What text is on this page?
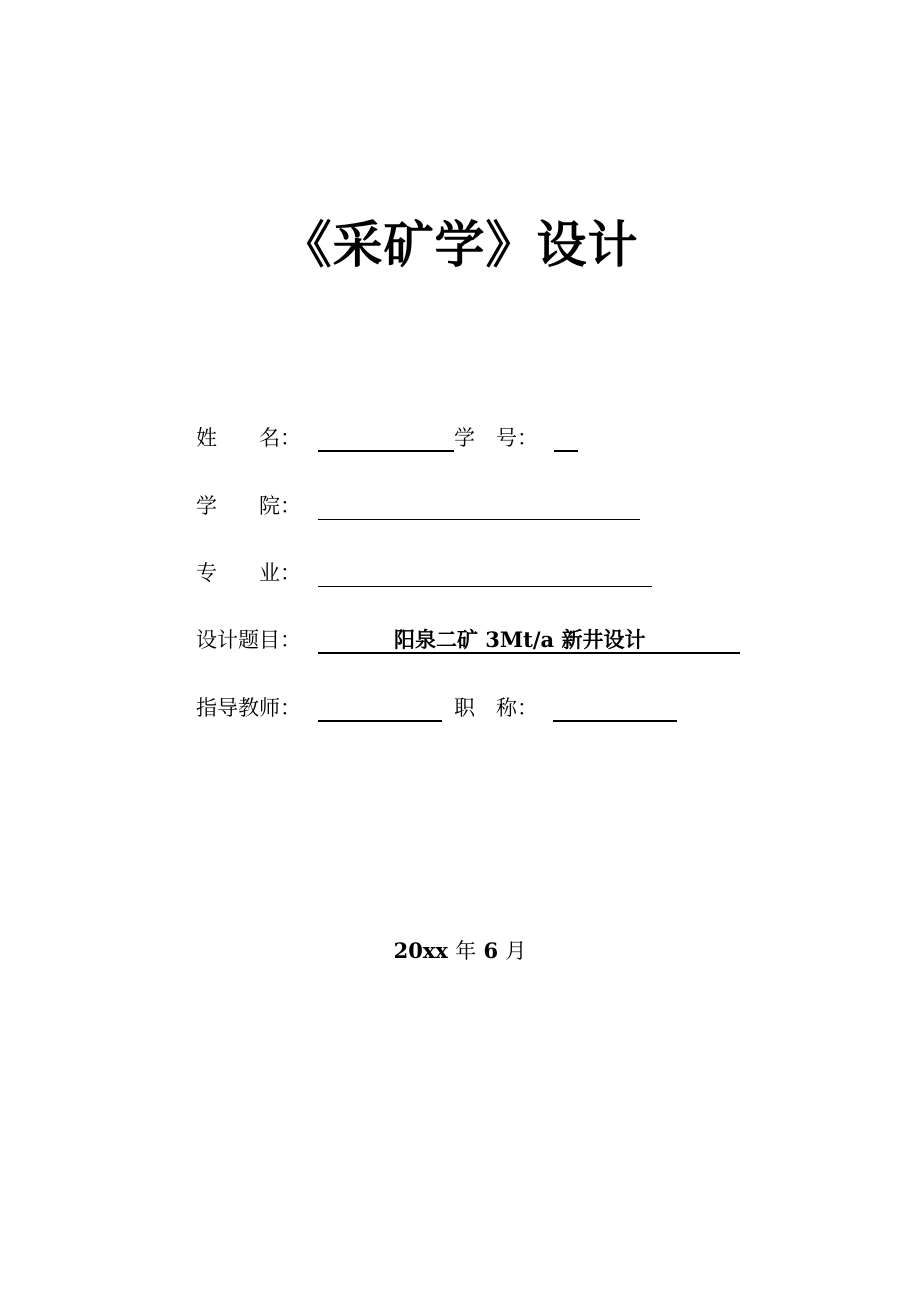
《采矿学》设计
姓　　名：	学　号：
学　　院：
专　　业：
设计题目：	阳泉二矿 3Mt/a 新井设计
指导教师：	职　称：
20xx 年 6 月
